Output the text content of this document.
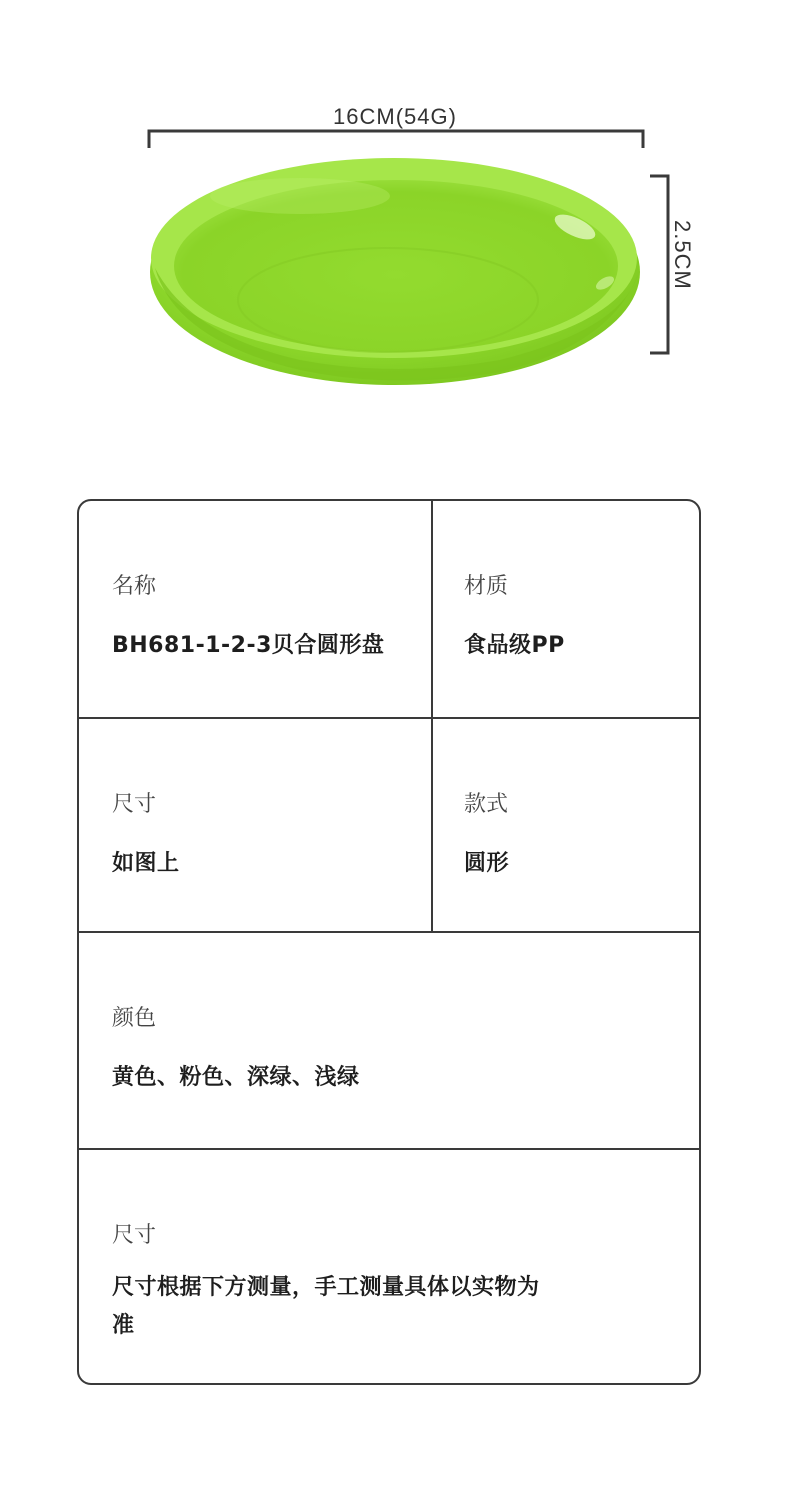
16CM(54G)
2.5CM
名称
BH681-1-2-3贝合圆形盘
材质
食品级PP
尺寸
如图上
款式
圆形
颜色
黄色、粉色、深绿、浅绿
尺寸
尺寸根据下方测量，手工测量具体以实物为准
